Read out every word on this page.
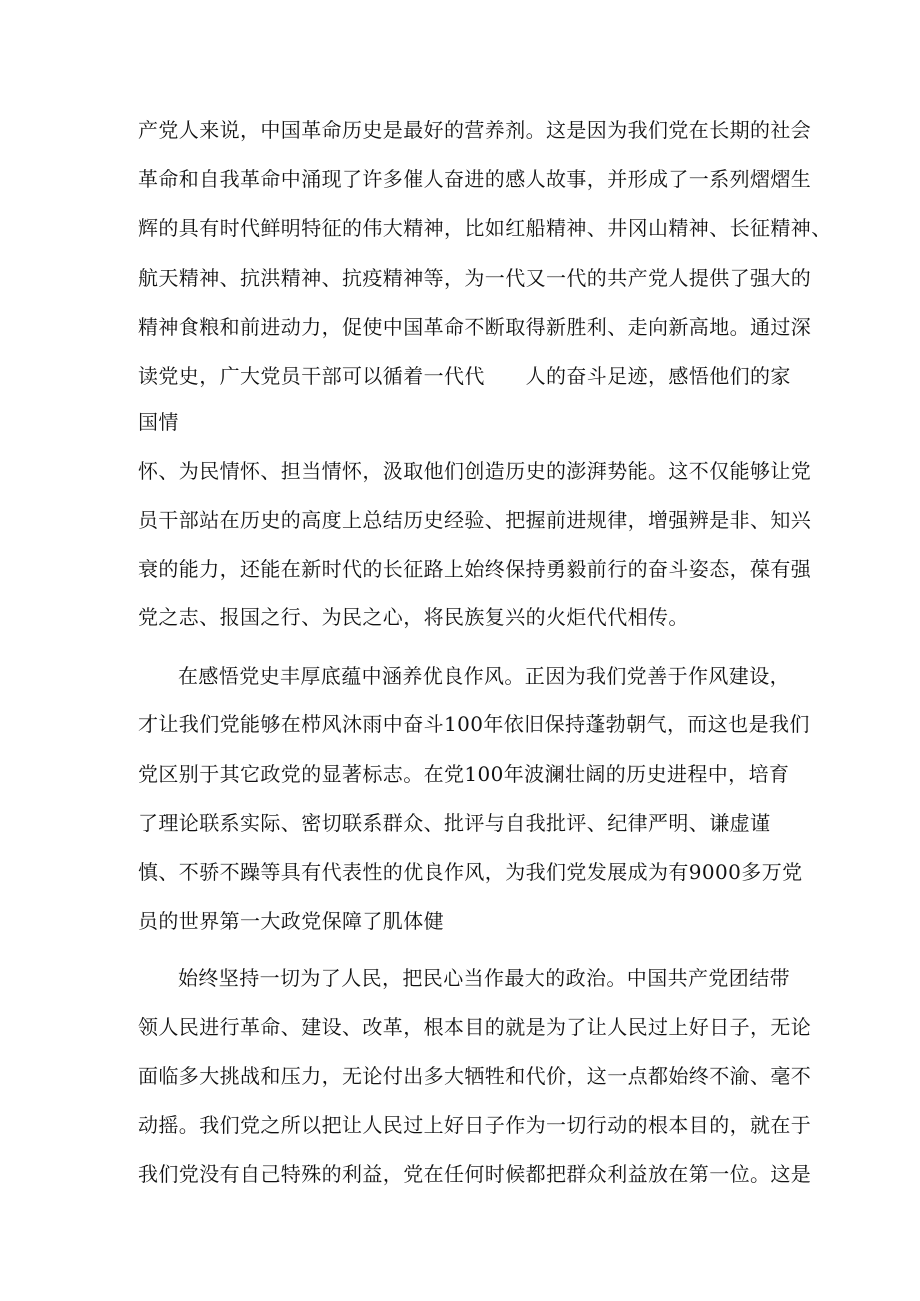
产党人来说，中国革命历史是最好的营养剂。这是因为我们党在长期的社会
革命和自我革命中涌现了许多催人奋进的感人故事，并形成了一系列熠熠生
辉的具有时代鲜明特征的伟大精神，比如红船精神、井冈山精神、长征精神、
航天精神、抗洪精神、抗疫精神等，为一代又一代的共产党人提供了强大的
精神食粮和前进动力，促使中国革命不断取得新胜利、走向新高地。通过深
读党史，广大党员干部可以循着一代代　　人的奋斗足迹，感悟他们的家
国情
怀、为民情怀、担当情怀，汲取他们创造历史的澎湃势能。这不仅能够让党
员干部站在历史的高度上总结历史经验、把握前进规律，增强辨是非、知兴
衰的能力，还能在新时代的长征路上始终保持勇毅前行的奋斗姿态，葆有强
党之志、报国之行、为民之心，将民族复兴的火炬代代相传。
在感悟党史丰厚底蕴中涵养优良作风。正因为我们党善于作风建设，
才让我们党能够在栉风沐雨中奋斗100年依旧保持蓬勃朝气，而这也是我们
党区别于其它政党的显著标志。在党100年波澜壮阔的历史进程中，培育
了理论联系实际、密切联系群众、批评与自我批评、纪律严明、谦虚谨
慎、不骄不躁等具有代表性的优良作风，为我们党发展成为有9000多万党
员的世界第一大政党保障了肌体健
始终坚持一切为了人民，把民心当作最大的政治。中国共产党团结带
领人民进行革命、建设、改革，根本目的就是为了让人民过上好日子，无论
面临多大挑战和压力，无论付出多大牺牲和代价，这一点都始终不渝、毫不
动摇。我们党之所以把让人民过上好日子作为一切行动的根本目的，就在于
我们党没有自己特殊的利益，党在任何时候都把群众利益放在第一位。这是
